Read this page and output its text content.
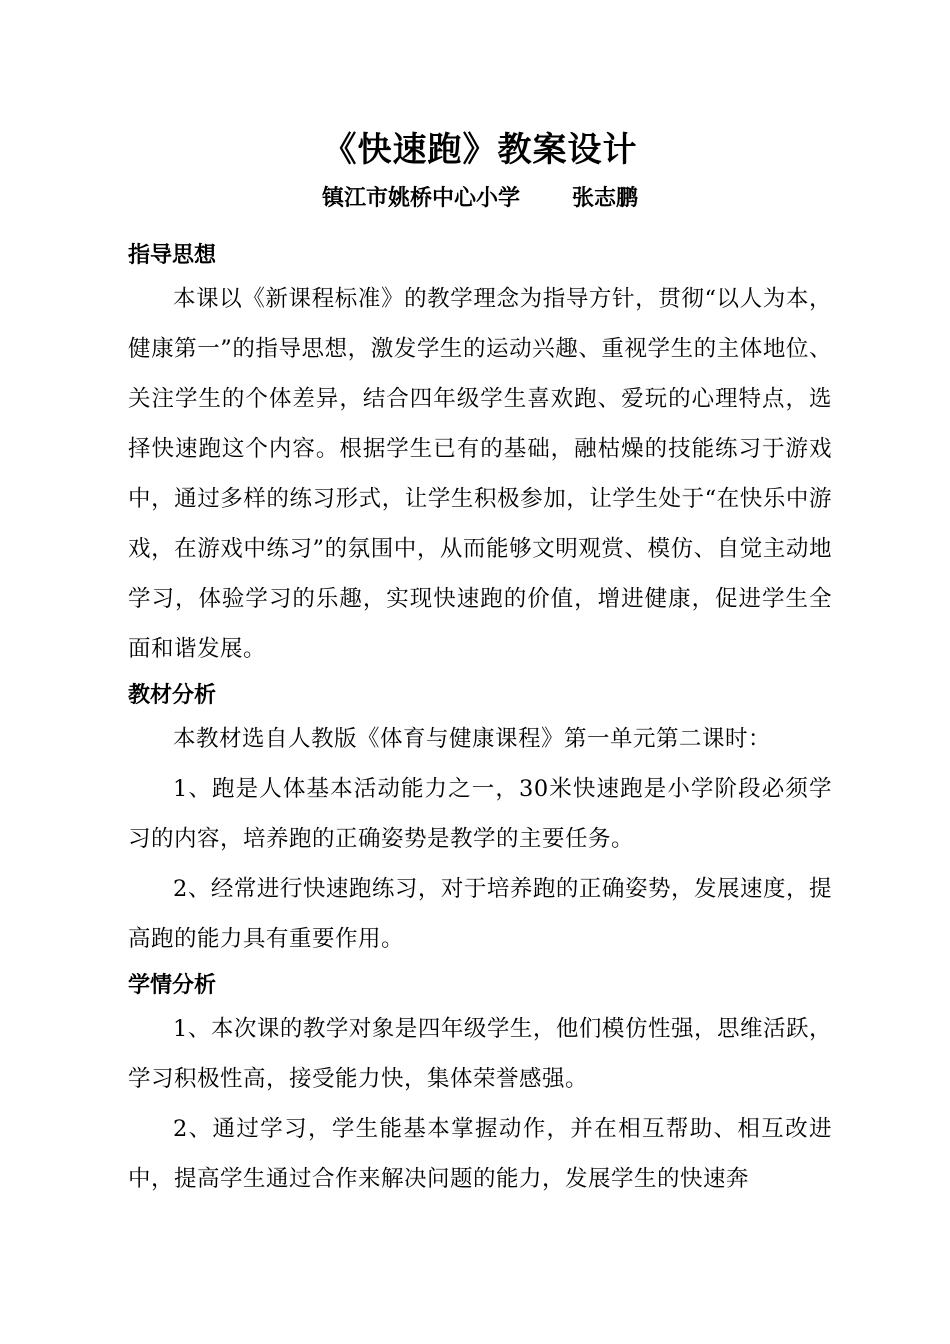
《快速跑》教案设计
镇江市姚桥中心小学 张志鹏
指导思想

本课以《新课程标准》的教学理念为指导方针，贯彻“以人为本，健康第一”的指导思想，激发学生的运动兴趣、重视学生的主体地位、关注学生的个体差异，结合四年级学生喜欢跑、爱玩的心理特点，选择快速跑这个内容。根据学生已有的基础，融枯燥的技能练习于游戏中，通过多样的练习形式，让学生积极参加，让学生处于“在快乐中游戏，在游戏中练习”的氛围中，从而能够文明观赏、模仿、自觉主动地学习，体验学习的乐趣，实现快速跑的价值，增进健康，促进学生全面和谐发展。

教材分析

本教材选自人教版《体育与健康课程》第一单元第二课时：

1、跑是人体基本活动能力之一，30米快速跑是小学阶段必须学习的内容，培养跑的正确姿势是教学的主要任务。

2、经常进行快速跑练习，对于培养跑的正确姿势，发展速度，提高跑的能力具有重要作用。

学情分析

1、本次课的教学对象是四年级学生，他们模仿性强，思维活跃，学习积极性高，接受能力快，集体荣誉感强。

2、通过学习，学生能基本掌握动作，并在相互帮助、相互改进中，提高学生通过合作来解决问题的能力，发展学生的快速奔
